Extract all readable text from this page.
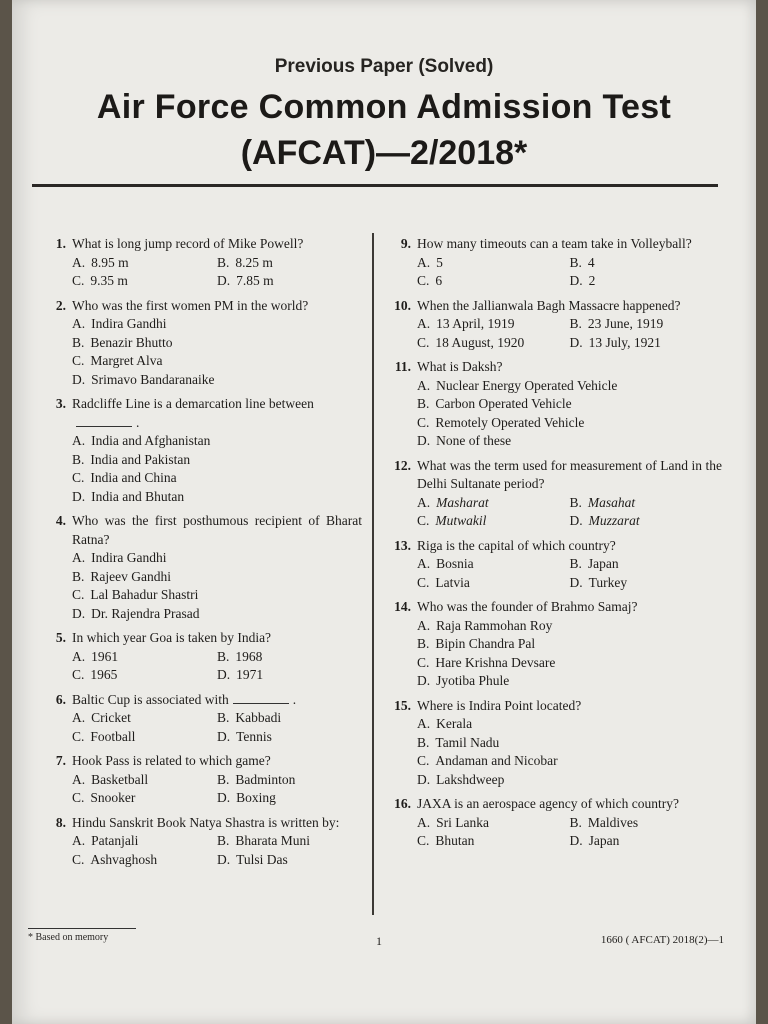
Previous Paper (Solved)
Air Force Common Admission Test
(AFCAT)—2/2018*
1. What is long jump record of Mike Powell?
A. 8.95 m	B. 8.25 m
C. 9.35 m	D. 7.85 m
2. Who was the first women PM in the world?
A. Indira Gandhi
B. Benazir Bhutto
C. Margret Alva
D. Srimavo Bandaranaike
3. Radcliffe Line is a demarcation line between
.
A. India and Afghanistan
B. India and Pakistan
C. India and China
D. India and Bhutan
4. Who was the first posthumous recipient of Bharat Ratna?
A. Indira Gandhi
B. Rajeev Gandhi
C. Lal Bahadur Shastri
D. Dr. Rajendra Prasad
5. In which year Goa is taken by India?
A. 1961	B. 1968
C. 1965	D. 1971
6. Baltic Cup is associated with	.
A. Cricket	B. Kabbadi
C. Football	D. Tennis
7. Hook Pass is related to which game?
A. Basketball	B. Badminton
C. Snooker	D. Boxing
8. Hindu Sanskrit Book Natya Shastra is written by:
A. Patanjali	B. Bharata Muni
C. Ashvaghosh	D. Tulsi Das
9. How many timeouts can a team take in Volleyball?
A. 5	B. 4
C. 6	D. 2
10. When the Jallianwala Bagh Massacre happened?
A. 13 April, 1919	B. 23 June, 1919
C. 18 August, 1920	D. 13 July, 1921
11. What is Daksh?
A. Nuclear Energy Operated Vehicle
B. Carbon Operated Vehicle
C. Remotely Operated Vehicle
D. None of these
12. What was the term used for measurement of Land in the Delhi Sultanate period?
A. Masharat	B. Masahat
C. Mutwakil	D. Muzzarat
13. Riga is the capital of which country?
A. Bosnia	B. Japan
C. Latvia	D. Turkey
14. Who was the founder of Brahmo Samaj?
A. Raja Rammohan Roy
B. Bipin Chandra Pal
C. Hare Krishna Devsare
D. Jyotiba Phule
15. Where is Indira Point located?
A. Kerala
B. Tamil Nadu
C. Andaman and Nicobar
D. Lakshdweep
16. JAXA is an aerospace agency of which country?
A. Sri Lanka	B. Maldives
C. Bhutan	D. Japan
* Based on memory	1	1660 ( AFCAT) 2018(2)—1
